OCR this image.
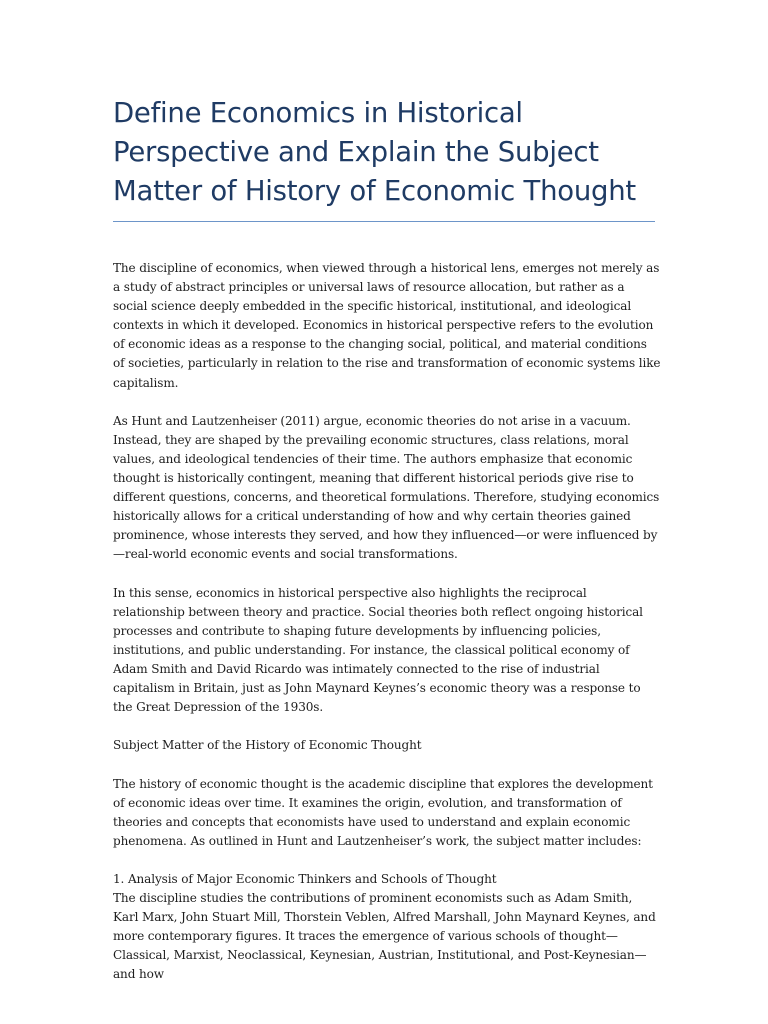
Define Economics in Historical Perspective and Explain the Subject Matter of History of Economic Thought

The discipline of economics, when viewed through a historical lens, emerges not merely as a study of abstract principles or universal laws of resource allocation, but rather as a social science deeply embedded in the specific historical, institutional, and ideological contexts in which it developed. Economics in historical perspective refers to the evolution of economic ideas as a response to the changing social, political, and material conditions of societies, particularly in relation to the rise and transformation of economic systems like capitalism.

As Hunt and Lautzenheiser (2011) argue, economic theories do not arise in a vacuum. Instead, they are shaped by the prevailing economic structures, class relations, moral values, and ideological tendencies of their time. The authors emphasize that economic thought is historically contingent, meaning that different historical periods give rise to different questions, concerns, and theoretical formulations. Therefore, studying economics historically allows for a critical understanding of how and why certain theories gained prominence, whose interests they served, and how they influenced—or were influenced by—real-world economic events and social transformations.

In this sense, economics in historical perspective also highlights the reciprocal relationship between theory and practice. Social theories both reflect ongoing historical processes and contribute to shaping future developments by influencing policies, institutions, and public understanding. For instance, the classical political economy of Adam Smith and David Ricardo was intimately connected to the rise of industrial capitalism in Britain, just as John Maynard Keynes’s economic theory was a response to the Great Depression of the 1930s.

Subject Matter of the History of Economic Thought

The history of economic thought is the academic discipline that explores the development of economic ideas over time. It examines the origin, evolution, and transformation of theories and concepts that economists have used to understand and explain economic phenomena. As outlined in Hunt and Lautzenheiser’s work, the subject matter includes:

1. Analysis of Major Economic Thinkers and Schools of Thought

The discipline studies the contributions of prominent economists such as Adam Smith, Karl Marx, John Stuart Mill, Thorstein Veblen, Alfred Marshall, John Maynard Keynes, and more contemporary figures. It traces the emergence of various schools of thought—Classical, Marxist, Neoclassical, Keynesian, Austrian, Institutional, and Post-Keynesian—and how
